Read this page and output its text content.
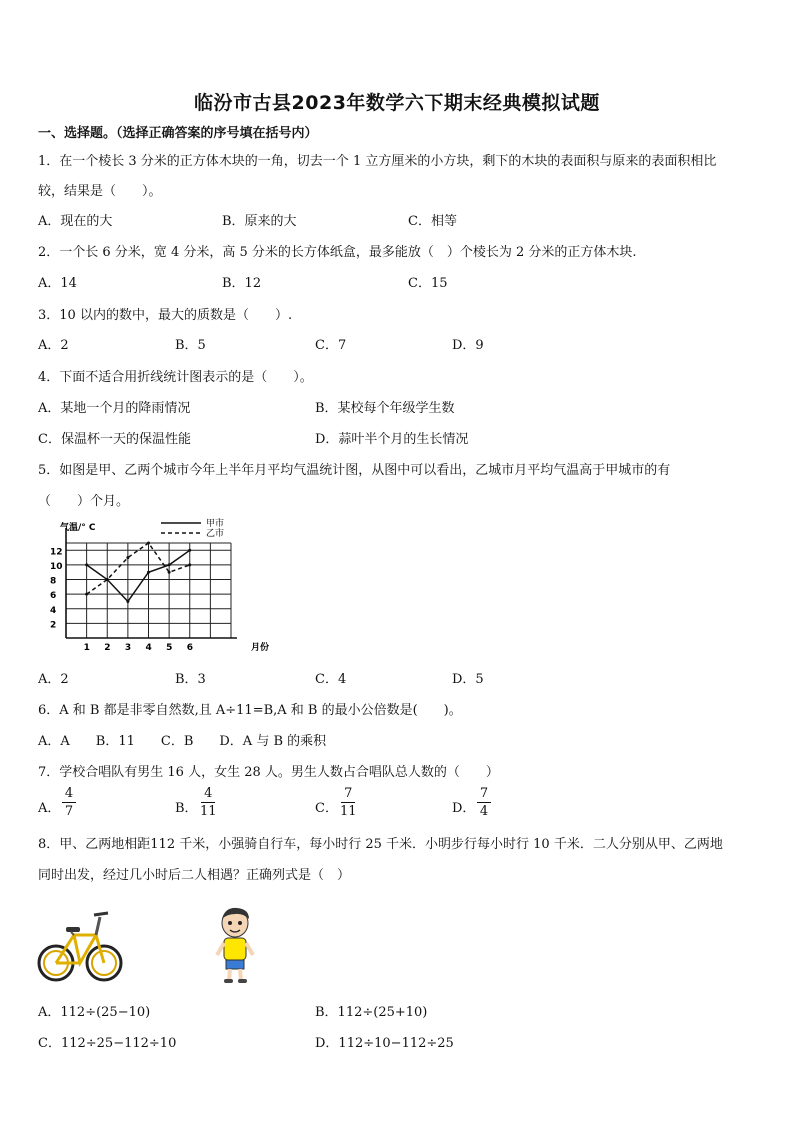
临汾市古县2023年数学六下期末经典模拟试题
一、选择题。（选择正确答案的序号填在括号内）
1．在一个棱长 3 分米的正方体木块的一角，切去一个 1 立方厘米的小方块，剩下的木块的表面积与原来的表面积相比
较，结果是（　　）。
A．现在的大	B．原来的大	C．相等
2．一个长 6 分米，宽 4 分米，高 5 分米的长方体纸盒，最多能放（　）个棱长为 2 分米的正方体木块.
A．14	B．12	C．15
3．10 以内的数中，最大的质数是（　　）.
A．2	B．5	C．7	D．9
4．下面不适合用折线统计图表示的是（　　）。
A．某地一个月的降雨情况	B．某校每个年级学生数
C．保温杯一天的保温性能	D．蒜叶半个月的生长情况
5．如图是甲、乙两个城市今年上半年月平均气温统计图，从图中可以看出，乙城市月平均气温高于甲城市的有
（　　）个月。
2
4
6
8
10
12
1 2 3 4 5 6
气温/° C
月份
甲市
乙市
A．2	B．3	C．4	D．5
6．A 和 B 都是非零自然数,且 A÷11=B,A 和 B 的最小公倍数是(　　)。
A．A　　B．11　　C．B　　D．A 与 B 的乘积
7．学校合唱队有男生 16 人，女生 28 人。男生人数占合唱队总人数的（　　）
A．
4
7	B．
4
11	C．
7
11	D．
7
4
8．甲、乙两地相距112 千米，小强骑自行车，每小时行 25 千米．小明步行每小时行 10 千米．二人分别从甲、乙两地
同时出发，经过几小时后二人相遇？正确列式是（　）
A．112÷(25−10)	B．112÷(25+10)
C．112÷25−112÷10	D．112÷10−112÷25
